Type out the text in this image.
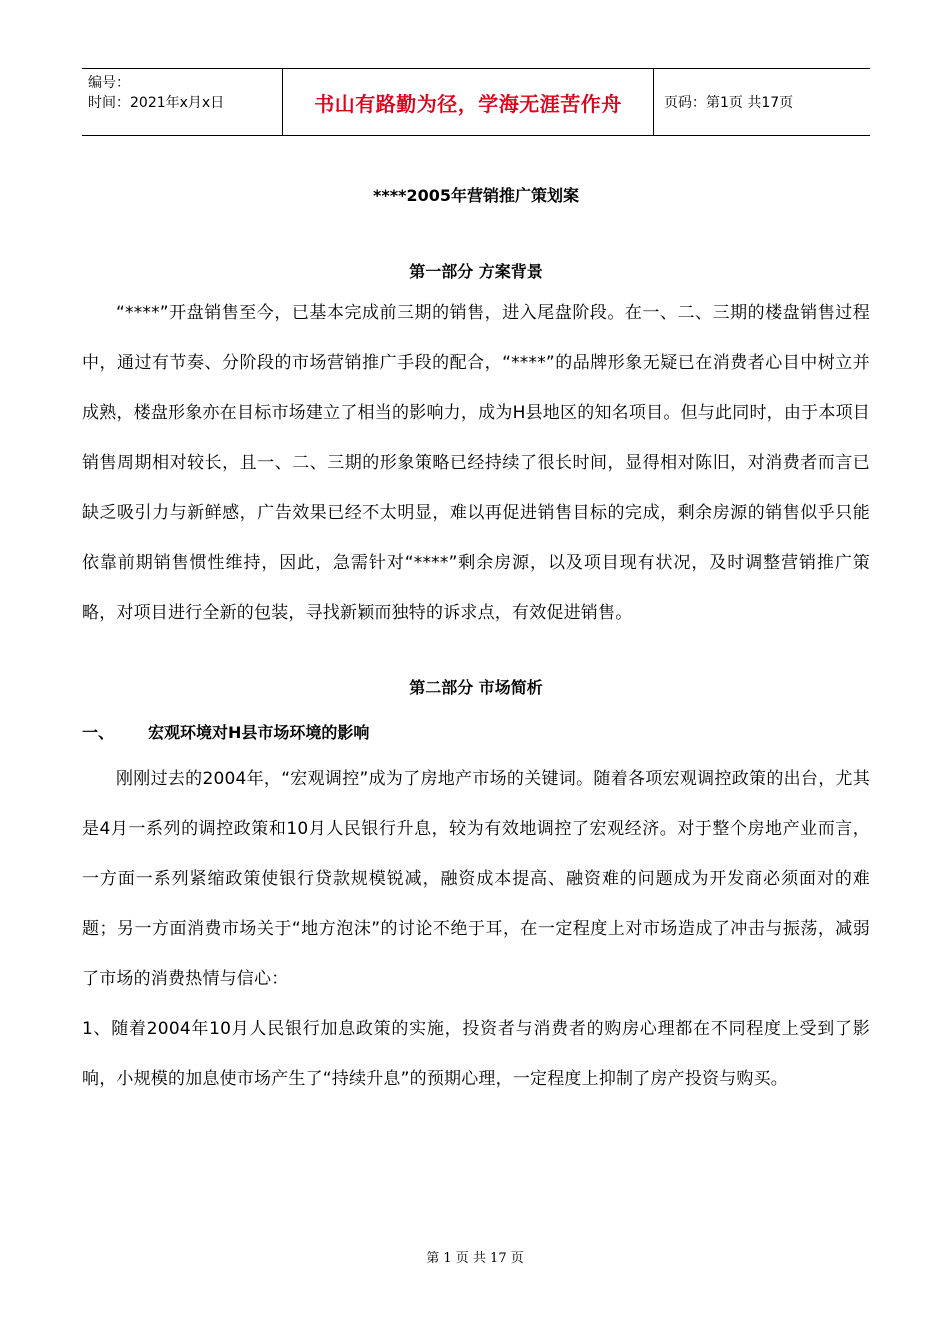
编号：
时间：2021年x月x日	书山有路勤为径，学海无涯苦作舟	页码：第1页 共17页
****2005年营销推广策划案
第一部分 方案背景

“****”开盘销售至今，已基本完成前三期的销售，进入尾盘阶段。在一、二、三期的楼盘销售过程中，通过有节奏、分阶段的市场营销推广手段的配合，“****”的品牌形象无疑已在消费者心目中树立并成熟，楼盘形象亦在目标市场建立了相当的影响力，成为H县地区的知名项目。但与此同时，由于本项目销售周期相对较长，且一、二、三期的形象策略已经持续了很长时间，显得相对陈旧，对消费者而言已缺乏吸引力与新鲜感，广告效果已经不太明显，难以再促进销售目标的完成，剩余房源的销售似乎只能依靠前期销售惯性维持，因此，急需针对“****”剩余房源，以及项目现有状况，及时调整营销推广策略，对项目进行全新的包装，寻找新颖而独特的诉求点，有效促进销售。

第二部分 市场简析
一、	宏观环境对H县市场环境的影响

刚刚过去的2004年，“宏观调控”成为了房地产市场的关键词。随着各项宏观调控政策的出台，尤其是4月一系列的调控政策和10月人民银行升息，较为有效地调控了宏观经济。对于整个房地产业而言，一方面一系列紧缩政策使银行贷款规模锐减，融资成本提高、融资难的问题成为开发商必须面对的难题；另一方面消费市场关于“地方泡沫”的讨论不绝于耳，在一定程度上对市场造成了冲击与振荡，减弱了市场的消费热情与信心：

1、随着2004年10月人民银行加息政策的实施，投资者与消费者的购房心理都在不同程度上受到了影响，小规模的加息使市场产生了“持续升息”的预期心理，一定程度上抑制了房产投资与购买。

第 1 页 共 17 页
